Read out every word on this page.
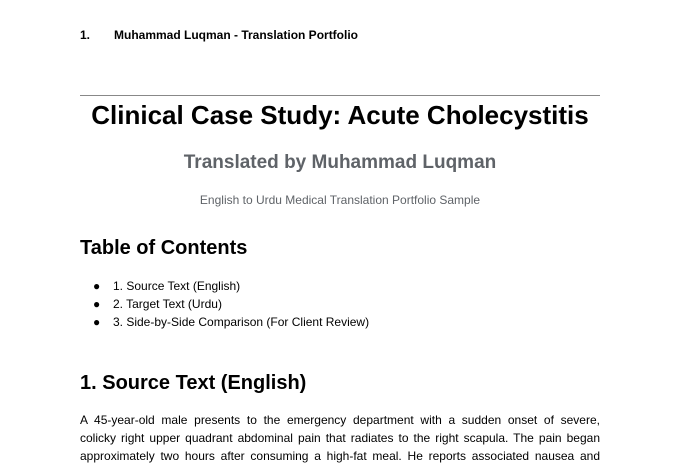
1. Muhammad Luqman - Translation Portfolio
Clinical Case Study: Acute Cholecystitis
Translated by Muhammad Luqman
English to Urdu Medical Translation Portfolio Sample
Table of Contents
● 1. Source Text (English)
● 2. Target Text (Urdu)
● 3. Side-by-Side Comparison (For Client Review)
1. Source Text (English)

A 45-year-old male presents to the emergency department with a sudden onset of severe,
colicky right upper quadrant abdominal pain that radiates to the right scapula. The pain began
approximately two hours after consuming a high-fat meal. He reports associated nausea and
